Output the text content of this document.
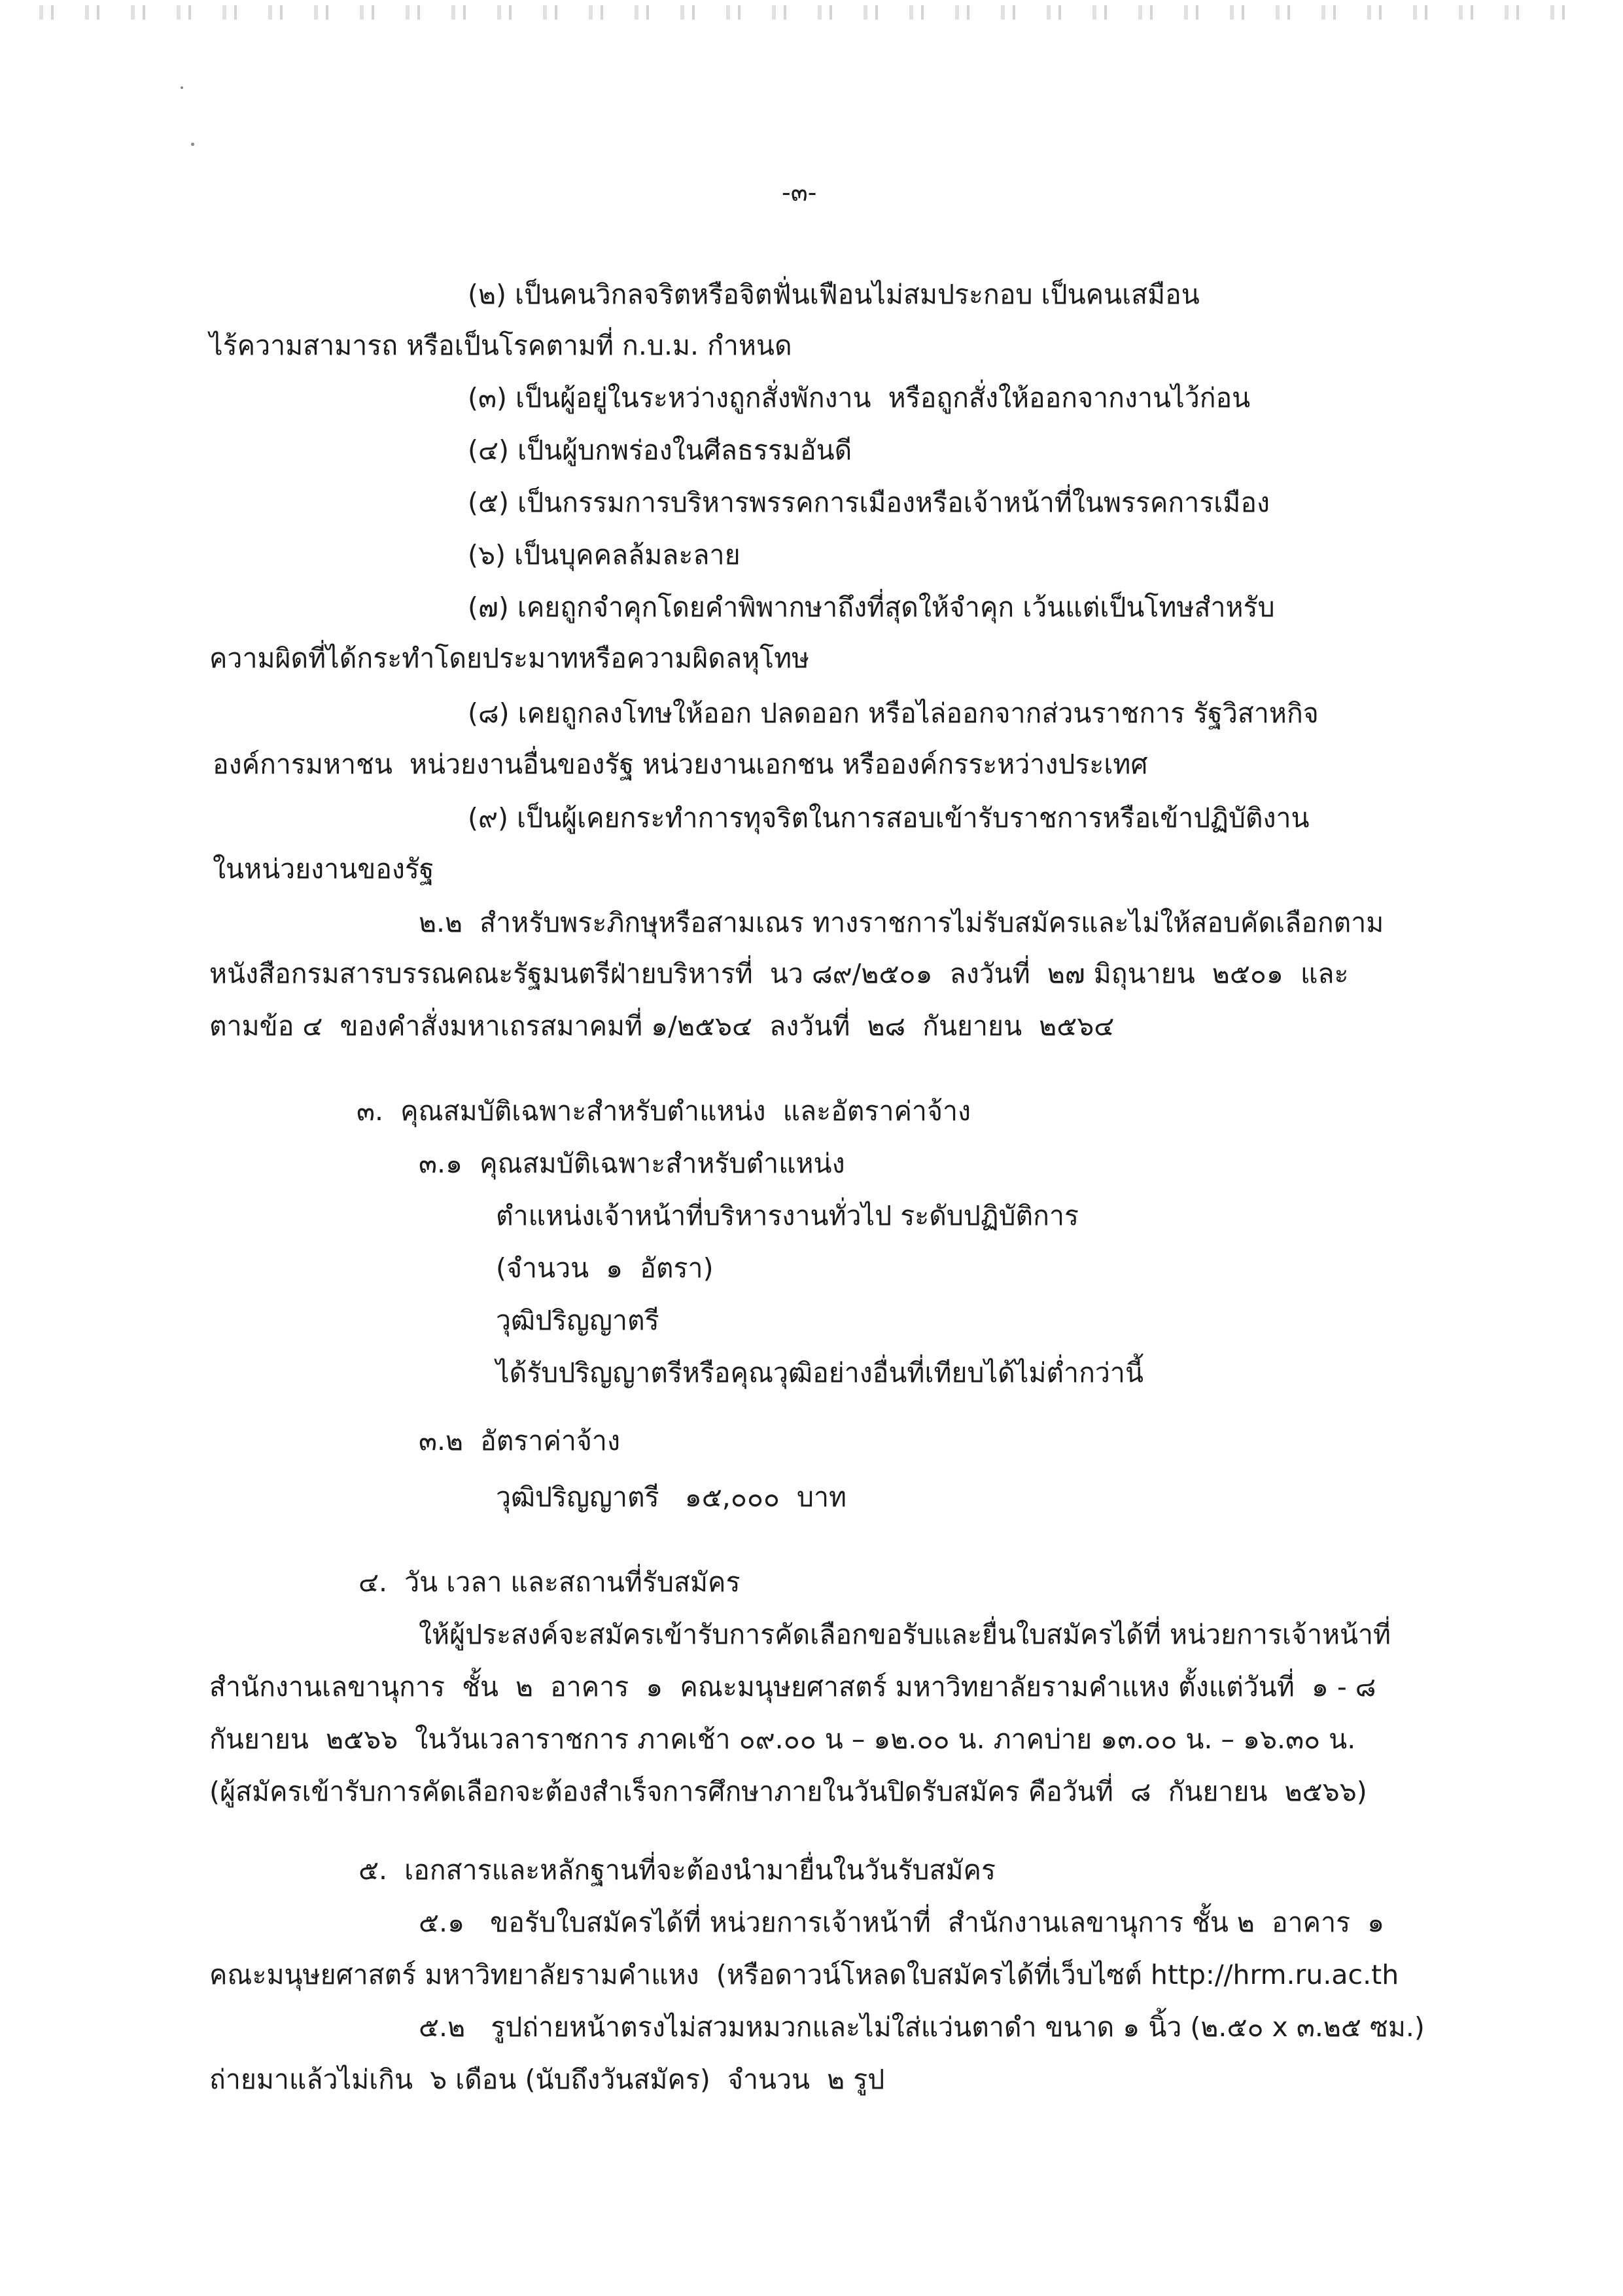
-๓-
(๒) เป็นคนวิกลจริตหรือจิตฟั่นเฟือนไม่สมประกอบ เป็นคนเสมือน
ไร้ความสามารถ หรือเป็นโรคตามที่ ก.บ.ม. กำหนด
(๓) เป็นผู้อยู่ในระหว่างถูกสั่งพักงาน  หรือถูกสั่งให้ออกจากงานไว้ก่อน
(๔) เป็นผู้บกพร่องในศีลธรรมอันดี
(๕) เป็นกรรมการบริหารพรรคการเมืองหรือเจ้าหน้าที่ในพรรคการเมือง
(๖) เป็นบุคคลล้มละลาย
(๗) เคยถูกจำคุกโดยคำพิพากษาถึงที่สุดให้จำคุก เว้นแต่เป็นโทษสำหรับ
ความผิดที่ได้กระทำโดยประมาทหรือความผิดลหุโทษ
(๘) เคยถูกลงโทษให้ออก ปลดออก หรือไล่ออกจากส่วนราชการ รัฐวิสาหกิจ
องค์การมหาชน  หน่วยงานอื่นของรัฐ หน่วยงานเอกชน หรือองค์กรระหว่างประเทศ
(๙) เป็นผู้เคยกระทำการทุจริตในการสอบเข้ารับราชการหรือเข้าปฏิบัติงาน
ในหน่วยงานของรัฐ
๒.๒  สำหรับพระภิกษุหรือสามเณร ทางราชการไม่รับสมัครและไม่ให้สอบคัดเลือกตาม
หนังสือกรมสารบรรณคณะรัฐมนตรีฝ่ายบริหารที่  นว ๘๙/๒๕๐๑  ลงวันที่  ๒๗ มิถุนายน  ๒๕๐๑  และ
ตามข้อ ๔  ของคำสั่งมหาเถรสมาคมที่ ๑/๒๕๖๔  ลงวันที่  ๒๘  กันยายน  ๒๕๖๔
๓.  คุณสมบัติเฉพาะสำหรับตำแหน่ง  และอัตราค่าจ้าง
๓.๑  คุณสมบัติเฉพาะสำหรับตำแหน่ง
ตำแหน่งเจ้าหน้าที่บริหารงานทั่วไป ระดับปฏิบัติการ
(จำนวน  ๑  อัตรา)
วุฒิปริญญาตรี
ได้รับปริญญาตรีหรือคุณวุฒิอย่างอื่นที่เทียบได้ไม่ต่ำกว่านี้
๓.๒  อัตราค่าจ้าง
วุฒิปริญญาตรี   ๑๕,๐๐๐  บาท
๔.  วัน เวลา และสถานที่รับสมัคร
ให้ผู้ประสงค์จะสมัครเข้ารับการคัดเลือกขอรับและยื่นใบสมัครได้ที่ หน่วยการเจ้าหน้าที่
สำนักงานเลขานุการ  ชั้น  ๒  อาคาร  ๑  คณะมนุษยศาสตร์ มหาวิทยาลัยรามคำแหง ตั้งแต่วันที่  ๑ - ๘
กันยายน  ๒๕๖๖  ในวันเวลาราชการ ภาคเช้า ๐๙.๐๐ น – ๑๒.๐๐ น. ภาคบ่าย ๑๓.๐๐ น. – ๑๖.๓๐ น.
(ผู้สมัครเข้ารับการคัดเลือกจะต้องสำเร็จการศึกษาภายในวันปิดรับสมัคร คือวันที่  ๘  กันยายน  ๒๕๖๖)
๕.  เอกสารและหลักฐานที่จะต้องนำมายื่นในวันรับสมัคร
๕.๑   ขอรับใบสมัครได้ที่ หน่วยการเจ้าหน้าที่  สำนักงานเลขานุการ ชั้น ๒  อาคาร  ๑
คณะมนุษยศาสตร์ มหาวิทยาลัยรามคำแหง  (หรือดาวน์โหลดใบสมัครได้ที่เว็บไซต์ http://hrm.ru.ac.th
๕.๒   รูปถ่ายหน้าตรงไม่สวมหมวกและไม่ใส่แว่นตาดำ ขนาด ๑ นิ้ว (๒.๕๐ x ๓.๒๕ ซม.)
ถ่ายมาแล้วไม่เกิน  ๖ เดือน (นับถึงวันสมัคร)  จำนวน  ๒ รูป
